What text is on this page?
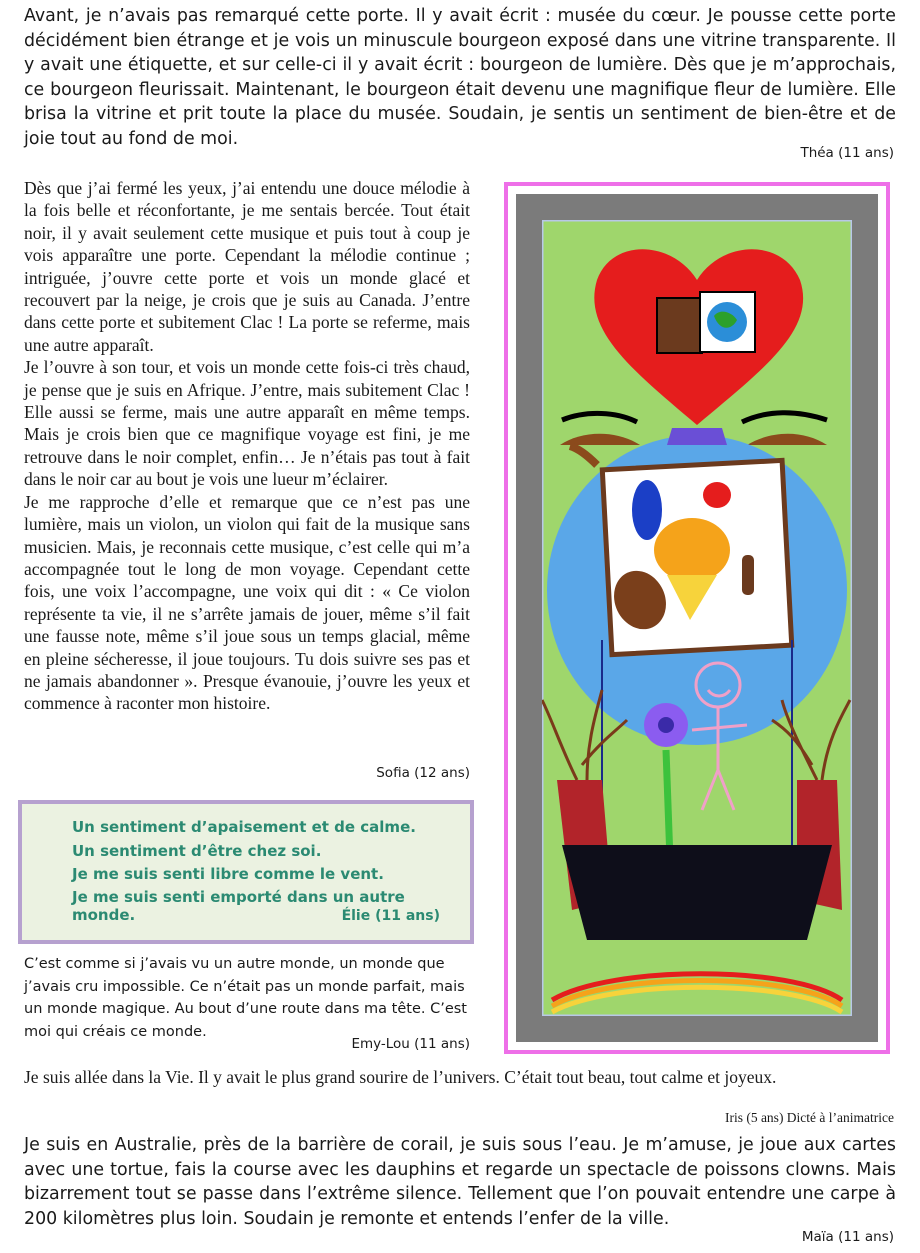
Avant, je n’avais pas remarqué cette porte. Il y avait écrit : musée du cœur. Je pousse cette porte décidément bien étrange et je vois un minuscule bourgeon exposé dans une vitrine transparente. Il y avait une étiquette, et sur celle-ci il y avait écrit : bourgeon de lumière. Dès que je m’approchais, ce bourgeon fleurissait. Maintenant, le bourgeon était devenu une magnifique fleur de lumière. Elle brisa la vitrine et prit toute la place du musée. Soudain, je sentis un sentiment de bien-être et de joie tout au fond de moi.

Théa (11 ans)

Dès que j’ai fermé les yeux, j’ai entendu une douce mélodie à la fois belle et réconfortante, je me sentais bercée. Tout était noir, il y avait seulement cette musique et puis tout à coup je vois apparaître une porte. Cependant la mélodie continue ; intriguée, j’ouvre cette porte et vois un monde glacé et recouvert par la neige, je crois que je suis au Canada. J’entre dans cette porte et subitement Clac ! La porte se referme, mais une autre apparaît.

Je l’ouvre à son tour, et vois un monde cette fois-ci très chaud, je pense que je suis en Afrique. J’entre, mais subitement Clac ! Elle aussi se ferme, mais une autre apparaît en même temps. Mais je crois bien que ce magnifique voyage est fini, je me retrouve dans le noir complet, enfin… Je n’étais pas tout à fait dans le noir car au bout je vois une lueur m’éclairer.

Je me rapproche d’elle et remarque que ce n’est pas une lumière, mais un violon, un violon qui fait de la musique sans musicien. Mais, je reconnais cette musique, c’est celle qui m’a accompagnée tout le long de mon voyage. Cependant cette fois, une voix l’accompagne, une voix qui dit : « Ce violon représente ta vie, il ne s’arrête jamais de jouer, même s’il fait une fausse note, même s’il joue sous un temps glacial, même en pleine sécheresse, il joue toujours. Tu dois suivre ses pas et ne jamais abandonner ». Presque évanouie, j’ouvre les yeux et commence à raconter mon histoire.

Sofia (12 ans)
Un sentiment d’apaisement et de calme.
Un sentiment d’être chez soi.
Je me suis senti libre comme le vent.
Je me suis senti emporté dans un autre monde.	Élie (11 ans)

C’est comme si j’avais vu un autre monde, un monde que j’avais cru impossible. Ce n’était pas un monde parfait, mais un monde magique. Au bout d’une route dans ma tête. C’est moi qui créais ce monde.

Emy-Lou (11 ans)

Je suis allée dans la Vie. Il y avait le plus grand sourire de l’univers. C’était tout beau, tout calme et joyeux.

Iris (5 ans) Dicté à l’animatrice

Je suis en Australie, près de la barrière de corail, je suis sous l’eau. Je m’amuse, je joue aux cartes avec une tortue, fais la course avec les dauphins et regarde un spectacle de poissons clowns. Mais bizarrement tout se passe dans l’extrême silence. Tellement que l’on pouvait entendre une carpe à 200 kilomètres plus loin. Soudain je remonte et entends l’enfer de la ville.

Maïa (11 ans)
